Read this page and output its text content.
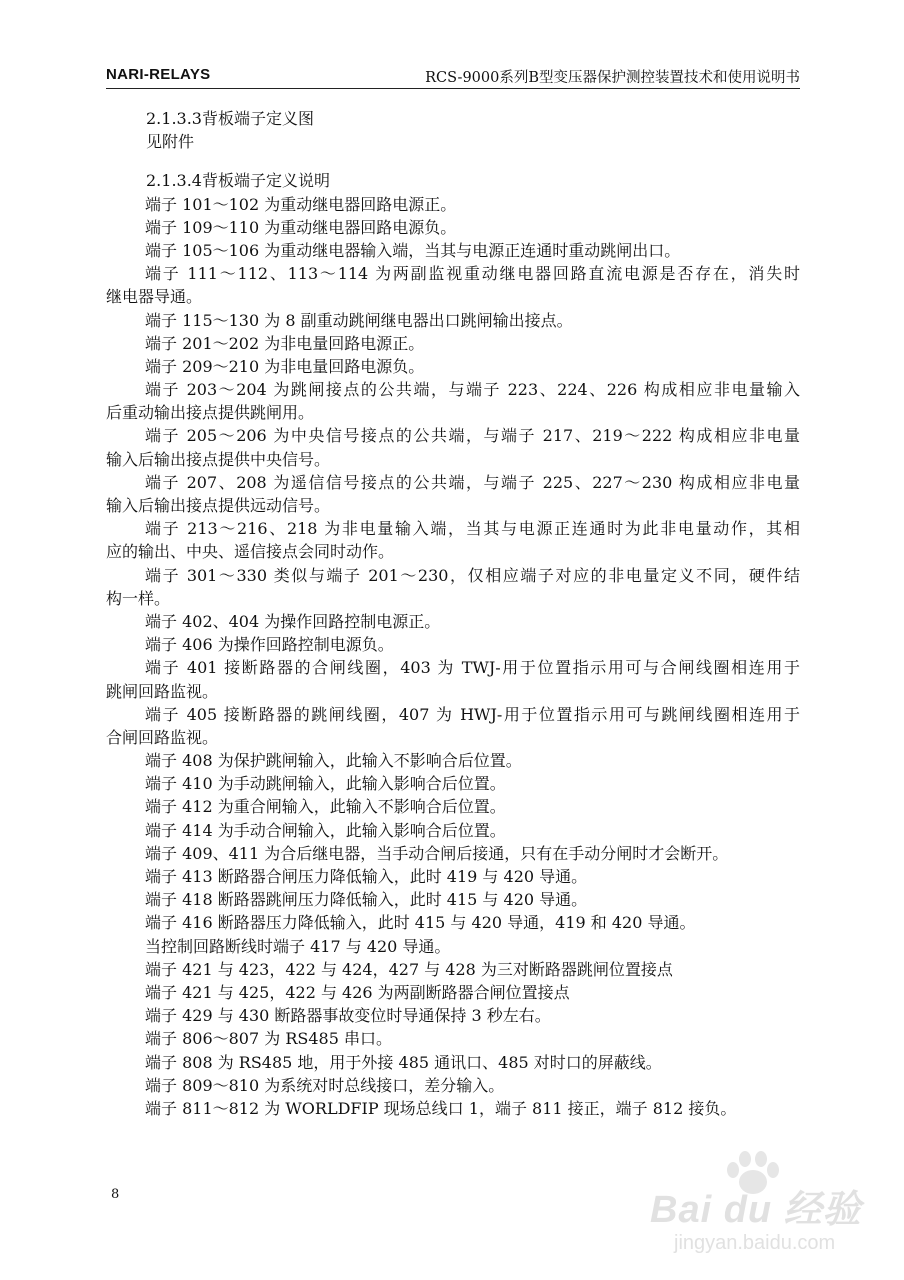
NARI-RELAYS	RCS-9000系列B型变压器保护测控装置技术和使用说明书
2.1.3.3背板端子定义图
见附件
2.1.3.4背板端子定义说明
端子 101～102 为重动继电器回路电源正。
端子 109～110 为重动继电器回路电源负。
端子 105～106 为重动继电器输入端，当其与电源正连通时重动跳闸出口。
端子 111～112、113～114 为两副监视重动继电器回路直流电源是否存在，消失时
继电器导通。
端子 115～130 为 8 副重动跳闸继电器出口跳闸输出接点。
端子 201～202 为非电量回路电源正。
端子 209～210 为非电量回路电源负。
端子 203～204 为跳闸接点的公共端，与端子 223、224、226 构成相应非电量输入
后重动输出接点提供跳闸用。
端子 205～206 为中央信号接点的公共端，与端子 217、219～222 构成相应非电量
输入后输出接点提供中央信号。
端子 207、208 为遥信信号接点的公共端，与端子 225、227～230 构成相应非电量
输入后输出接点提供远动信号。
端子 213～216、218 为非电量输入端，当其与电源正连通时为此非电量动作，其相
应的输出、中央、遥信接点会同时动作。
端子 301～330 类似与端子 201～230，仅相应端子对应的非电量定义不同，硬件结
构一样。
端子 402、404 为操作回路控制电源正。
端子 406 为操作回路控制电源负。
端子 401 接断路器的合闸线圈，403 为 TWJ-用于位置指示用可与合闸线圈相连用于
跳闸回路监视。
端子 405 接断路器的跳闸线圈，407 为 HWJ-用于位置指示用可与跳闸线圈相连用于
合闸回路监视。
端子 408 为保护跳闸输入，此输入不影响合后位置。
端子 410 为手动跳闸输入，此输入影响合后位置。
端子 412 为重合闸输入，此输入不影响合后位置。
端子 414 为手动合闸输入，此输入影响合后位置。
端子 409、411 为合后继电器，当手动合闸后接通，只有在手动分闸时才会断开。
端子 413 断路器合闸压力降低输入，此时 419 与 420 导通。
端子 418 断路器跳闸压力降低输入，此时 415 与 420 导通。
端子 416 断路器压力降低输入，此时 415 与 420 导通，419 和 420 导通。
当控制回路断线时端子 417 与 420 导通。
端子 421 与 423，422 与 424，427 与 428 为三对断路器跳闸位置接点
端子 421 与 425，422 与 426 为两副断路器合闸位置接点
端子 429 与 430 断路器事故变位时导通保持 3 秒左右。
端子 806～807 为 RS485 串口。
端子 808 为 RS485 地，用于外接 485 通讯口、485 对时口的屏蔽线。
端子 809～810 为系统对时总线接口，差分输入。
端子 811～812 为 WORLDFIP 现场总线口 1，端子 811 接正，端子 812 接负。
8	Bai du 经验
jingyan.baidu.com
